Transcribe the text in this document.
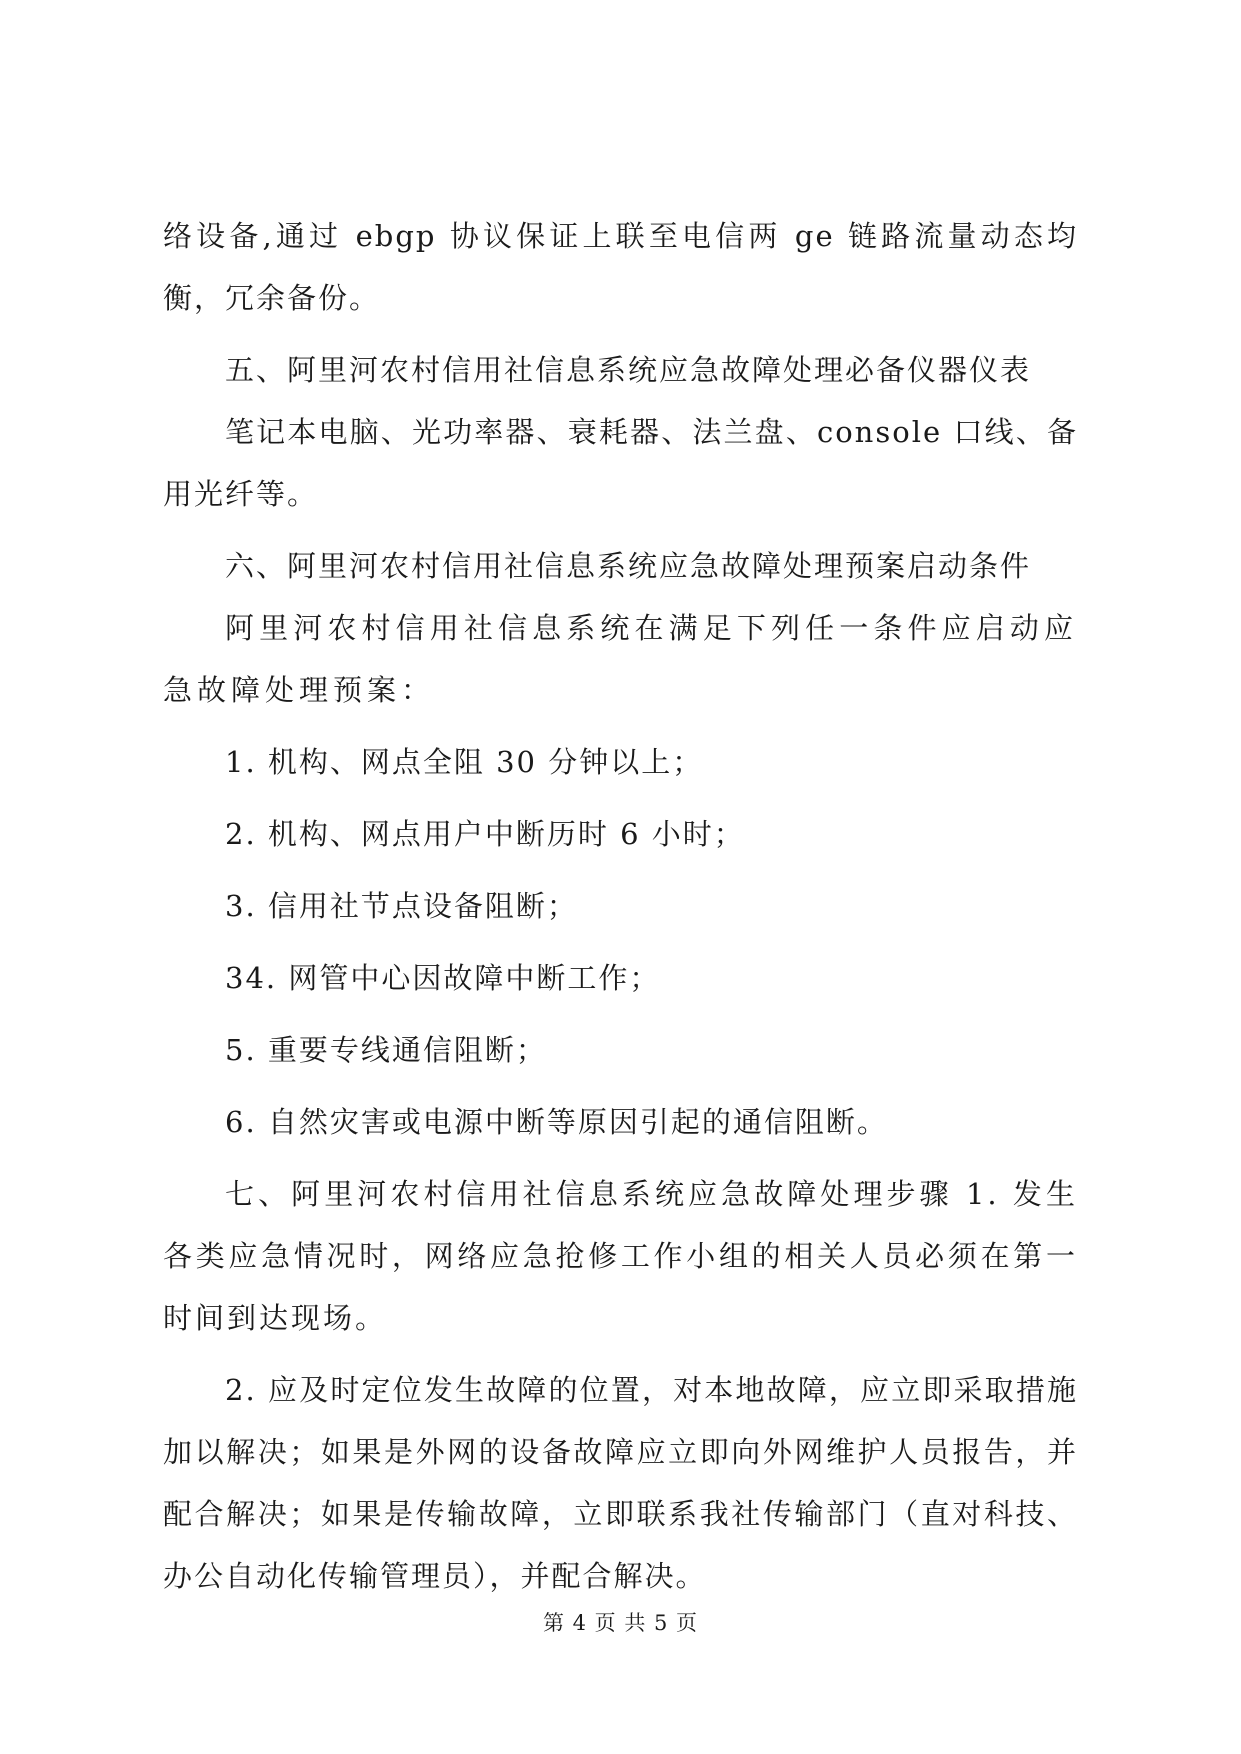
络设备,通过 ebgp 协议保证上联至电信两 ge 链路流量动态均衡，冗余备份。

五、阿里河农村信用社信息系统应急故障处理必备仪器仪表

笔记本电脑、光功率器、衰耗器、法兰盘、console 口线、备用光纤等。

六、阿里河农村信用社信息系统应急故障处理预案启动条件

阿里河农村信用社信息系统在满足下列任一条件应启动应急故障处理预案：

1. 机构、网点全阻 30 分钟以上；

2. 机构、网点用户中断历时 6 小时；

3. 信用社节点设备阻断；

34. 网管中心因故障中断工作；

5. 重要专线通信阻断；

6. 自然灾害或电源中断等原因引起的通信阻断。

七、阿里河农村信用社信息系统应急故障处理步骤 1. 发生各类应急情况时，网络应急抢修工作小组的相关人员必须在第一时间到达现场。

2. 应及时定位发生故障的位置，对本地故障，应立即采取措施加以解决；如果是外网的设备故障应立即向外网维护人员报告，并配合解决；如果是传输故障，立即联系我社传输部门（直对科技、办公自动化传输管理员），并配合解决。

第 4 页 共 5 页
